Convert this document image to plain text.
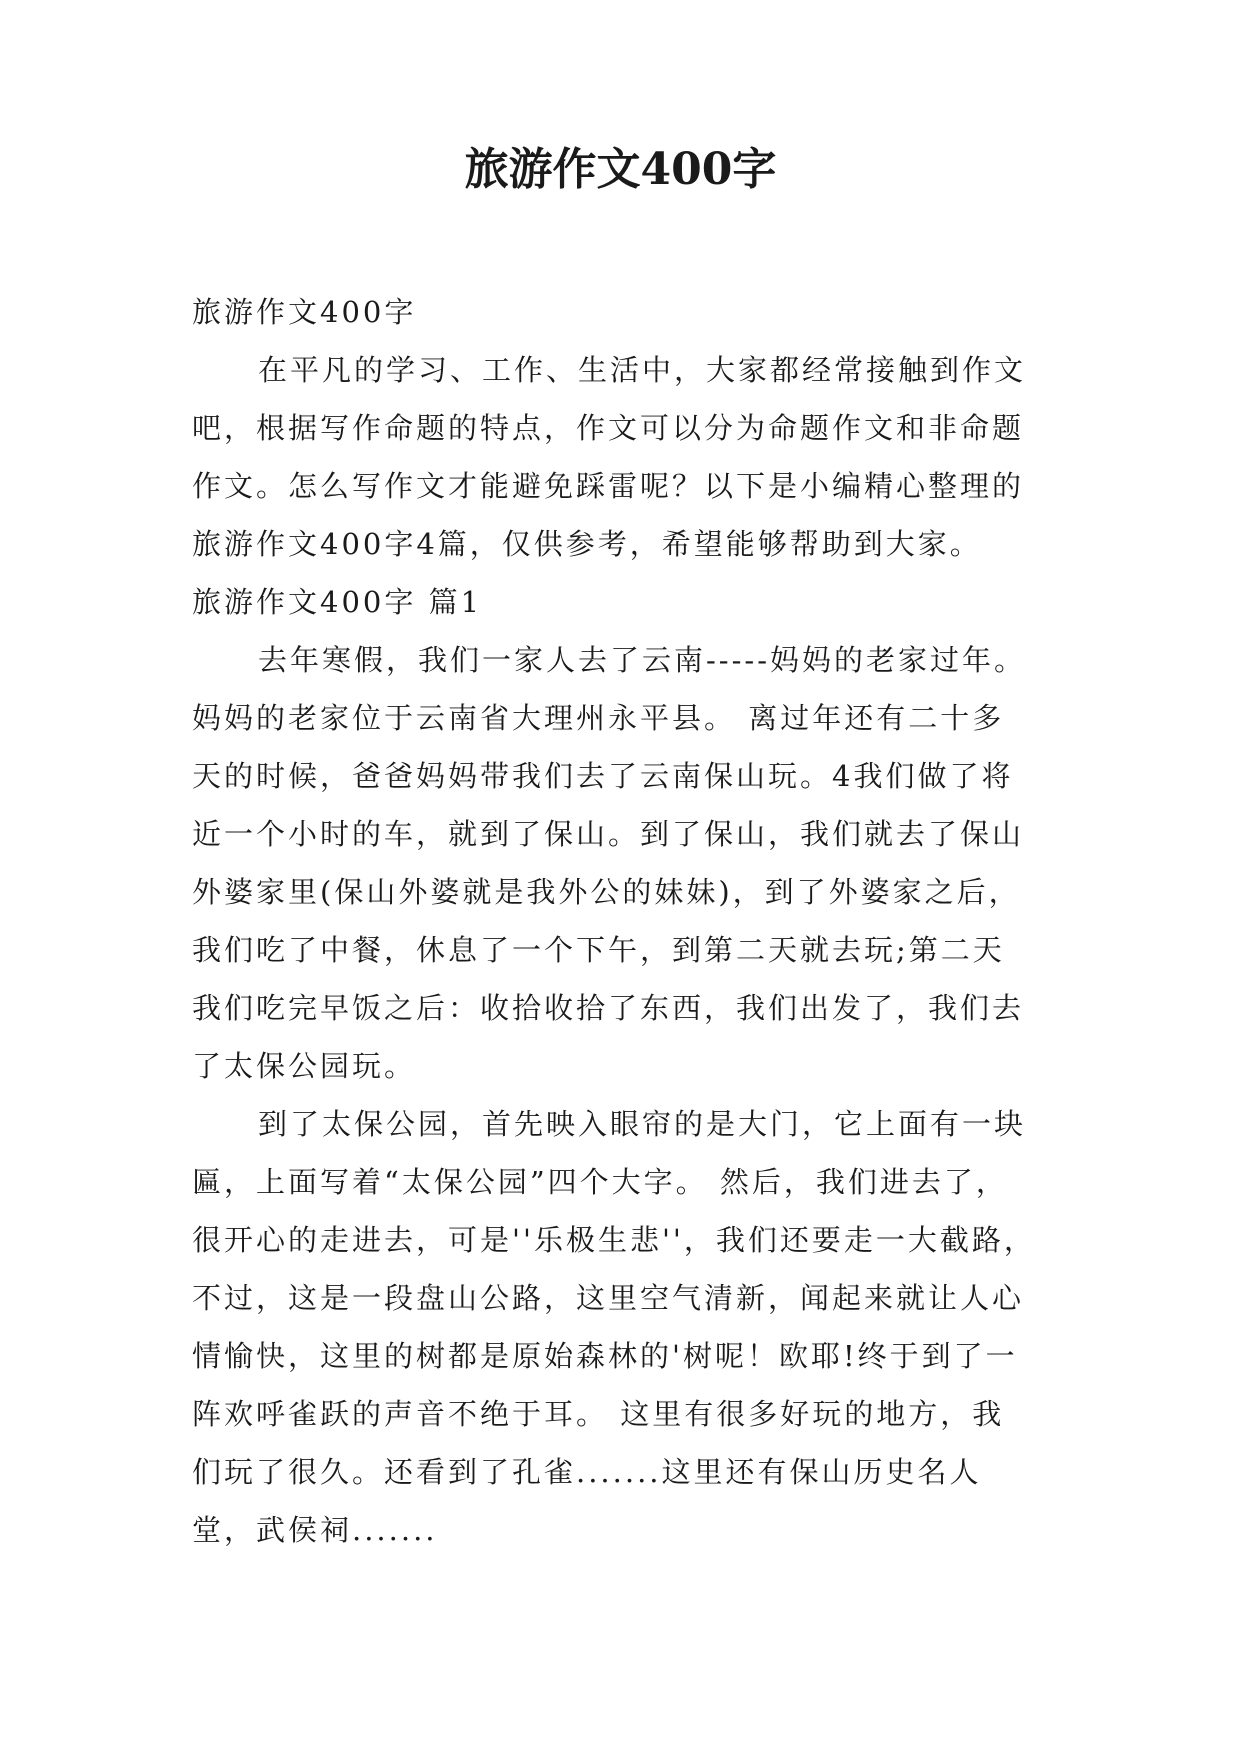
旅游作文400字

旅游作文400字

在平凡的学习、工作、生活中，大家都经常接触到作文

吧，根据写作命题的特点，作文可以分为命题作文和非命题

作文。怎么写作文才能避免踩雷呢？以下是小编精心整理的

旅游作文400字4篇，仅供参考，希望能够帮助到大家。

旅游作文400字 篇1

去年寒假，我们一家人去了云南-----妈妈的老家过年。

妈妈的老家位于云南省大理州永平县。 离过年还有二十多

天的时候，爸爸妈妈带我们去了云南保山玩。4我们做了将

近一个小时的车，就到了保山。到了保山，我们就去了保山

外婆家里(保山外婆就是我外公的妹妹)，到了外婆家之后，

我们吃了中餐，休息了一个下午，到第二天就去玩;第二天

我们吃完早饭之后：收拾收拾了东西，我们出发了，我们去

了太保公园玩。

到了太保公园，首先映入眼帘的是大门，它上面有一块

匾，上面写着“太保公园”四个大字。 然后，我们进去了，

很开心的走进去，可是''乐极生悲''，我们还要走一大截路，

不过，这是一段盘山公路，这里空气清新，闻起来就让人心

情愉快，这里的树都是原始森林的'树呢！欧耶!终于到了一

阵欢呼雀跃的声音不绝于耳。 这里有很多好玩的地方，我

们玩了很久。还看到了孔雀.......这里还有保山历史名人

堂，武侯祠.......
